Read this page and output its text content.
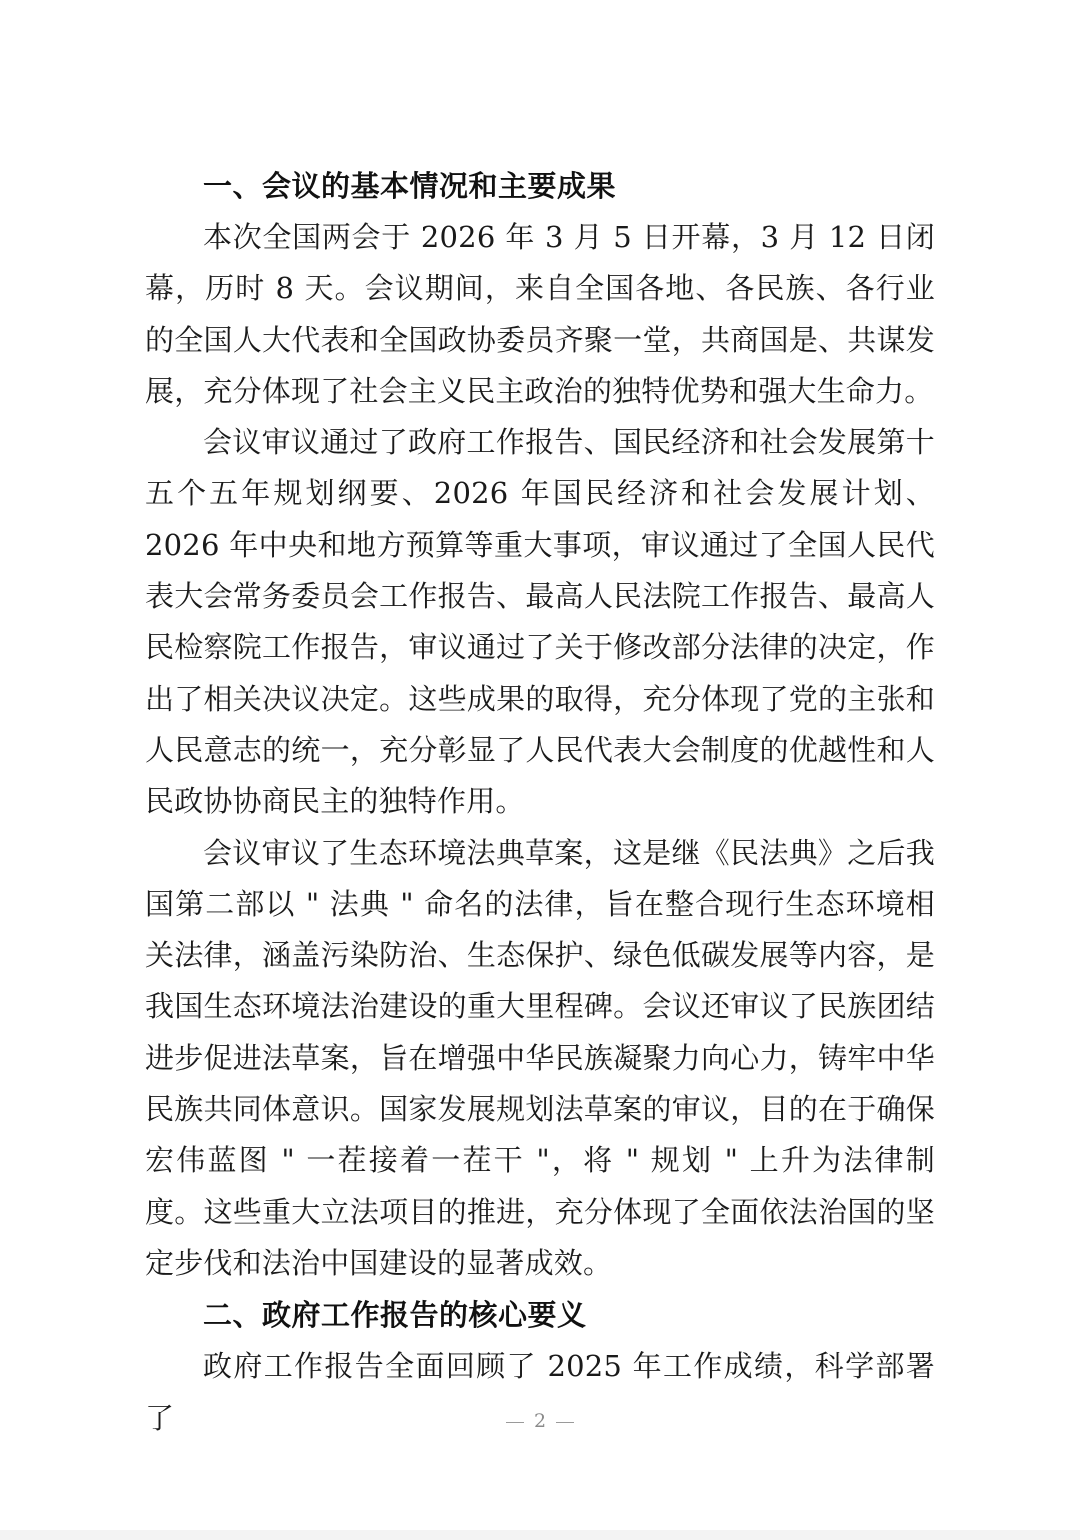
一、会议的基本情况和主要成果

本次全国两会于 2026 年 3 月 5 日开幕，3 月 12 日闭幕，历时 8 天。会议期间，来自全国各地、各民族、各行业的全国人大代表和全国政协委员齐聚一堂，共商国是、共谋发展，充分体现了社会主义民主政治的独特优势和强大生命力。

会议审议通过了政府工作报告、国民经济和社会发展第十五个五年规划纲要、2026 年国民经济和社会发展计划、2026 年中央和地方预算等重大事项，审议通过了全国人民代表大会常务委员会工作报告、最高人民法院工作报告、最高人民检察院工作报告，审议通过了关于修改部分法律的决定，作出了相关决议决定。这些成果的取得，充分体现了党的主张和人民意志的统一，充分彰显了人民代表大会制度的优越性和人民政协协商民主的独特作用。

会议审议了生态环境法典草案，这是继《民法典》之后我国第二部以 " 法典 " 命名的法律，旨在整合现行生态环境相关法律，涵盖污染防治、生态保护、绿色低碳发展等内容，是我国生态环境法治建设的重大里程碑。会议还审议了民族团结进步促进法草案，旨在增强中华民族凝聚力向心力，铸牢中华民族共同体意识。国家发展规划法草案的审议，目的在于确保宏伟蓝图 " 一茬接着一茬干 "，将 " 规划 " 上升为法律制度。这些重大立法项目的推进，充分体现了全面依法治国的坚定步伐和法治中国建设的显著成效。

二、政府工作报告的核心要义

政府工作报告全面回顾了 2025 年工作成绩，科学部署了	2
